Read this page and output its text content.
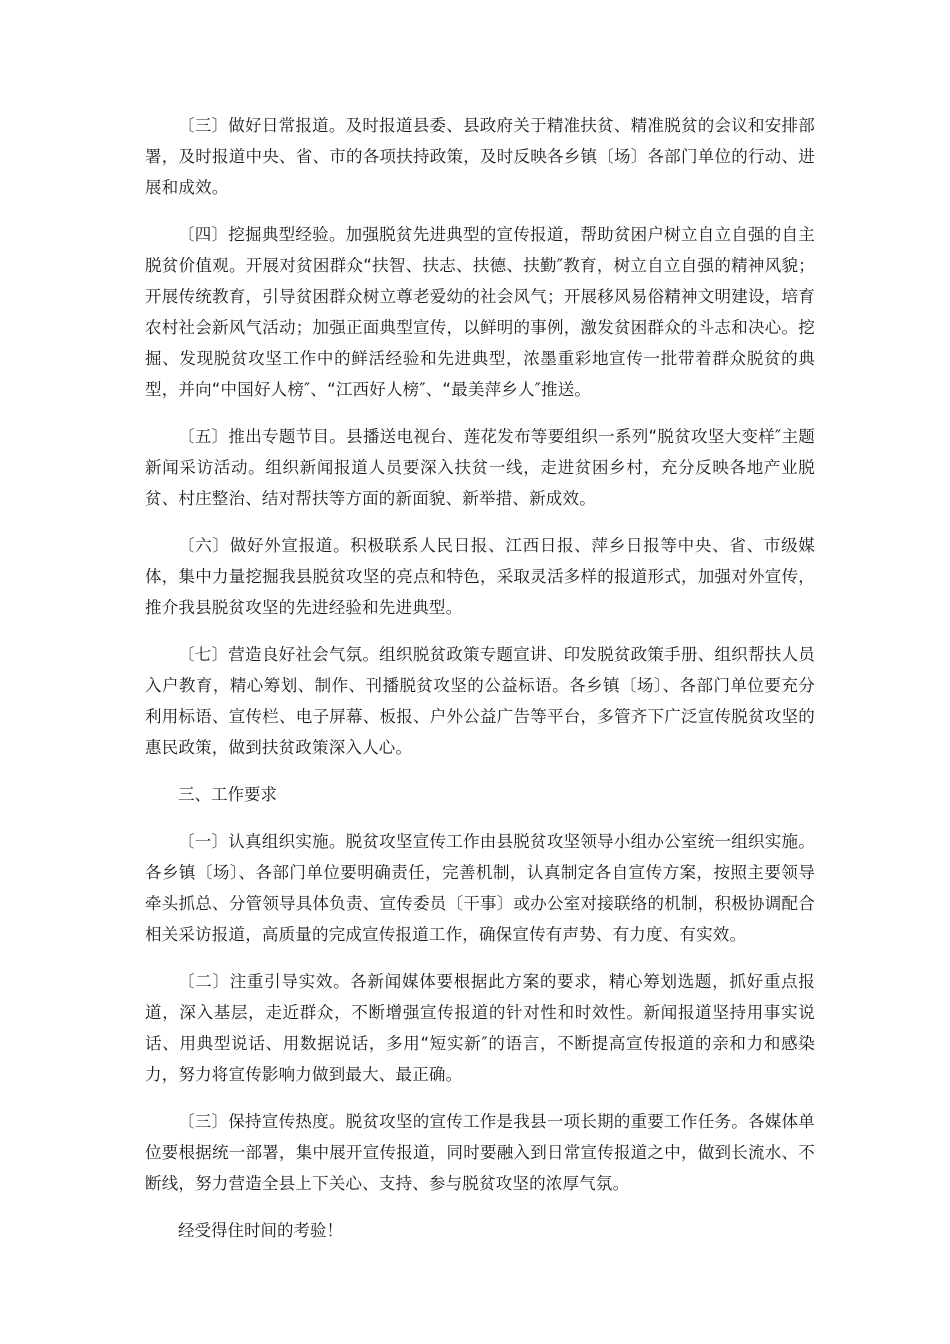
〔三〕做好日常报道。及时报道县委、县政府关于精准扶贫、精准脱贫的会议和安排部署，及时报道中央、省、市的各项扶持政策，及时反映各乡镇〔场〕各部门单位的行动、进展和成效。

〔四〕挖掘典型经验。加强脱贫先进典型的宣传报道，帮助贫困户树立自立自强的自主脱贫价值观。开展对贫困群众“扶智、扶志、扶德、扶勤″教育，树立自立自强的精神风貌；开展传统教育，引导贫困群众树立尊老爱幼的社会风气；开展移风易俗精神文明建设，培育农村社会新风气活动；加强正面典型宣传，以鲜明的事例，激发贫困群众的斗志和决心。挖掘、发现脱贫攻坚工作中的鲜活经验和先进典型，浓墨重彩地宣传一批带着群众脱贫的典型，并向“中国好人榜″、“江西好人榜″、“最美萍乡人″推送。

〔五〕推出专题节目。县播送电视台、莲花发布等要组织一系列“脱贫攻坚大变样″主题新闻采访活动。组织新闻报道人员要深入扶贫一线，走进贫困乡村，充分反映各地产业脱贫、村庄整治、结对帮扶等方面的新面貌、新举措、新成效。

〔六〕做好外宣报道。积极联系人民日报、江西日报、萍乡日报等中央、省、市级媒体，集中力量挖掘我县脱贫攻坚的亮点和特色，采取灵活多样的报道形式，加强对外宣传，推介我县脱贫攻坚的先进经验和先进典型。

〔七〕营造良好社会气氛。组织脱贫政策专题宣讲、印发脱贫政策手册、组织帮扶人员入户教育，精心筹划、制作、刊播脱贫攻坚的公益标语。各乡镇〔场〕、各部门单位要充分利用标语、宣传栏、电子屏幕、板报、户外公益广告等平台，多管齐下广泛宣传脱贫攻坚的惠民政策，做到扶贫政策深入人心。

三、工作要求

〔一〕认真组织实施。脱贫攻坚宣传工作由县脱贫攻坚领导小组办公室统一组织实施。各乡镇〔场〕、各部门单位要明确责任，完善机制，认真制定各自宣传方案，按照主要领导牵头抓总、分管领导具体负责、宣传委员〔干事〕或办公室对接联络的机制，积极协调配合相关采访报道，高质量的完成宣传报道工作，确保宣传有声势、有力度、有实效。

〔二〕注重引导实效。各新闻媒体要根据此方案的要求，精心筹划选题，抓好重点报道，深入基层，走近群众，不断增强宣传报道的针对性和时效性。新闻报道坚持用事实说话、用典型说话、用数据说话，多用“短实新″的语言，不断提高宣传报道的亲和力和感染力，努力将宣传影响力做到最大、最正确。

〔三〕保持宣传热度。脱贫攻坚的宣传工作是我县一项长期的重要工作任务。各媒体单位要根据统一部署，集中展开宣传报道，同时要融入到日常宣传报道之中，做到长流水、不断线，努力营造全县上下关心、支持、参与脱贫攻坚的浓厚气氛。

经受得住时间的考验！
